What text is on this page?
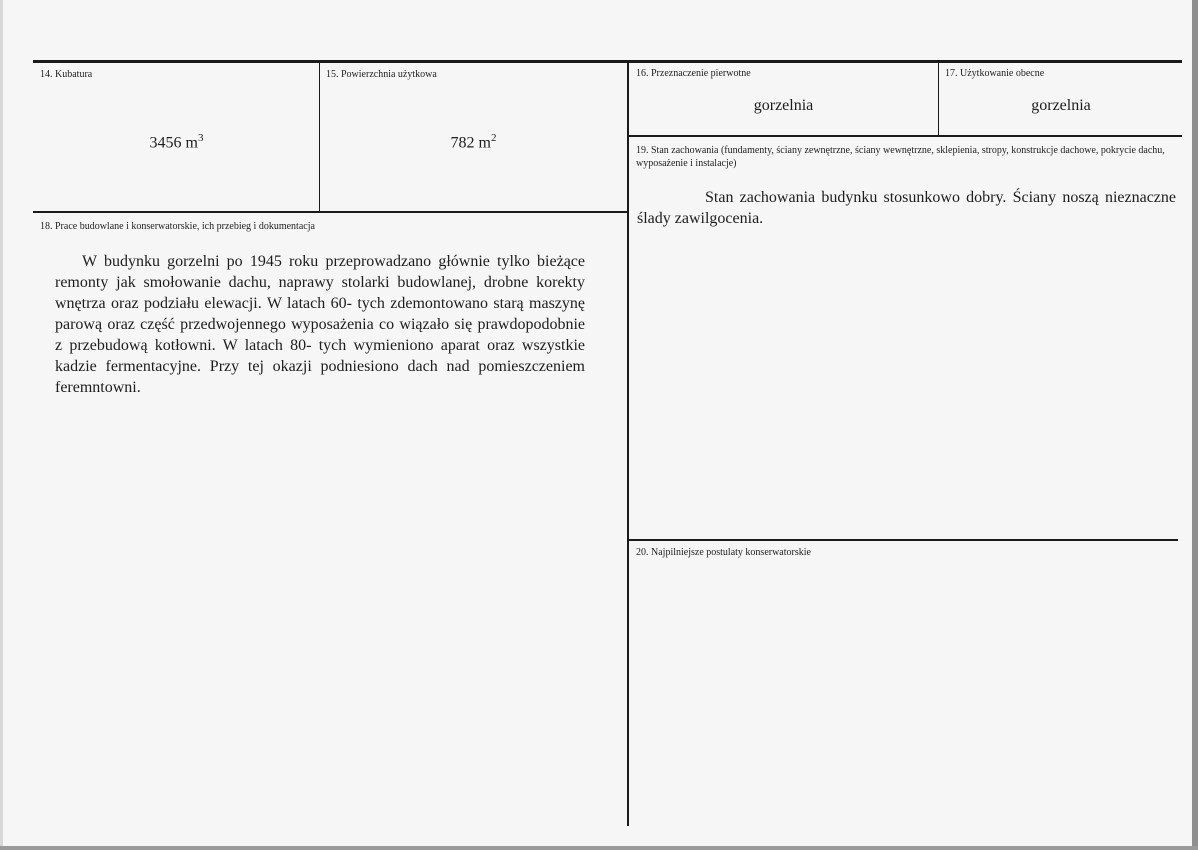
14. Kubatura
3456 $m^3$
15. Powierzchnia użytkowa
782 $m^2$
16. Przeznaczenie pierwotne
gorzelnia
17. Użytkowanie obecne
gorzelnia
18. Prace budowlane i konserwatorskie, ich przebieg i dokumentacja
W budynku gorzelni po 1945 roku przeprowadzano głównie tylko bieżące remonty jak smołowanie dachu, naprawy stolarki budowlanej, drobne korekty wnętrza oraz podziału elewacji. W latach 60- tych zdemontowano starą maszynę parową oraz część przedwojennego wyposażenia co wiązało się prawdopodobnie z przebudową kotłowni. W latach 80- tych wymieniono aparat oraz wszystkie kadzie fermentacyjne. Przy tej okazji podniesiono dach nad pomieszczeniem feremntowni.
19. Stan zachowania (fundamenty, ściany zewnętrzne, ściany wewnętrzne, sklepienia, stropy, konstrukcje dachowe, pokrycie dachu, wyposażenie i instalacje)
Stan zachowania budynku stosunkowo dobry. Ściany noszą nieznaczne ślady zawilgocenia.
20. Najpilniejsze postulaty konserwatorskie
